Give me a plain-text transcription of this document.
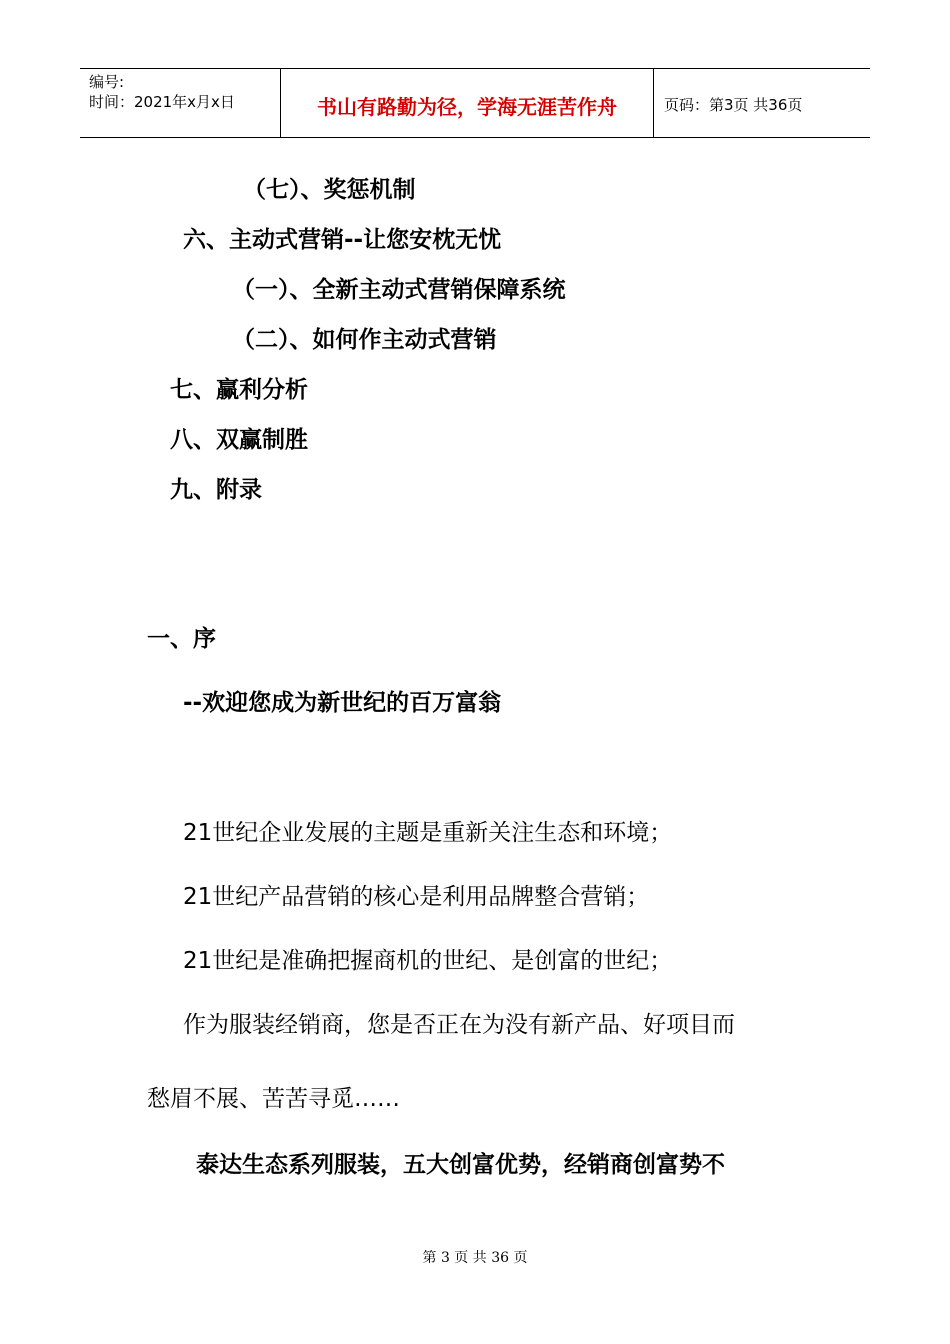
编号:
时间：2021年x月x日	书山有路勤为径，学海无涯苦作舟	页码：第3页 共36页
（七）、奖惩机制
六、主动式营销--让您安枕无忧
（一）、全新主动式营销保障系统
（二）、如何作主动式营销
七、赢利分析
八、双赢制胜
九、附录
一、序
--欢迎您成为新世纪的百万富翁
21世纪企业发展的主题是重新关注生态和环境；
21世纪产品营销的核心是利用品牌整合营销；
21世纪是准确把握商机的世纪、是创富的世纪；
作为服装经销商，您是否正在为没有新产品、好项目而
愁眉不展、苦苦寻觅……
泰达生态系列服装，五大创富优势，经销商创富势不
第 3 页 共 36 页
